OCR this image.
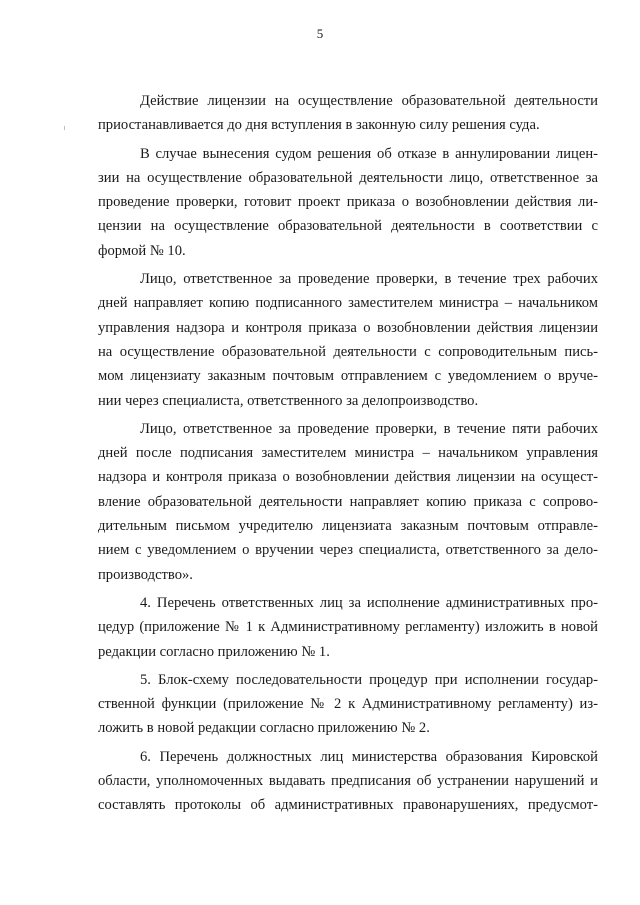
5

Действие лицензии на осуществление образовательной деятельности
приостанавливается до дня вступления в законную силу решения суда.

В случае вынесения судом решения об отказе в аннулировании лицен-
зии на осуществление образовательной деятельности лицо, ответственное за
проведение проверки, готовит проект приказа о возобновлении действия ли-
цензии на осуществление образовательной деятельности в соответствии с
формой № 10.

Лицо, ответственное за проведение проверки, в течение трех рабочих
дней направляет копию подписанного заместителем министра – начальником
управления надзора и контроля приказа о возобновлении действия лицензии
на осуществление образовательной деятельности с сопроводительным пись-
мом лицензиату заказным почтовым отправлением с уведомлением о вруче-
нии через специалиста, ответственного за делопроизводство.

Лицо, ответственное за проведение проверки, в течение пяти рабочих
дней после подписания заместителем министра – начальником управления
надзора и контроля приказа о возобновлении действия лицензии на осущест-
вление образовательной деятельности направляет копию приказа с сопрово-
дительным письмом учредителю лицензиата заказным почтовым отправле-
нием с уведомлением о вручении через специалиста, ответственного за дело-
производство».

4. Перечень ответственных лиц за исполнение административных про-
цедур (приложение № 1 к Административному регламенту) изложить в новой
редакции согласно приложению № 1.

5. Блок-схему последовательности процедур при исполнении государ-
ственной функции (приложение № 2 к Административному регламенту) из-
ложить в новой редакции согласно приложению № 2.

6. Перечень должностных лиц министерства образования Кировской
области, уполномоченных выдавать предписания об устранении нарушений и
составлять протоколы об административных правонарушениях, предусмот-
